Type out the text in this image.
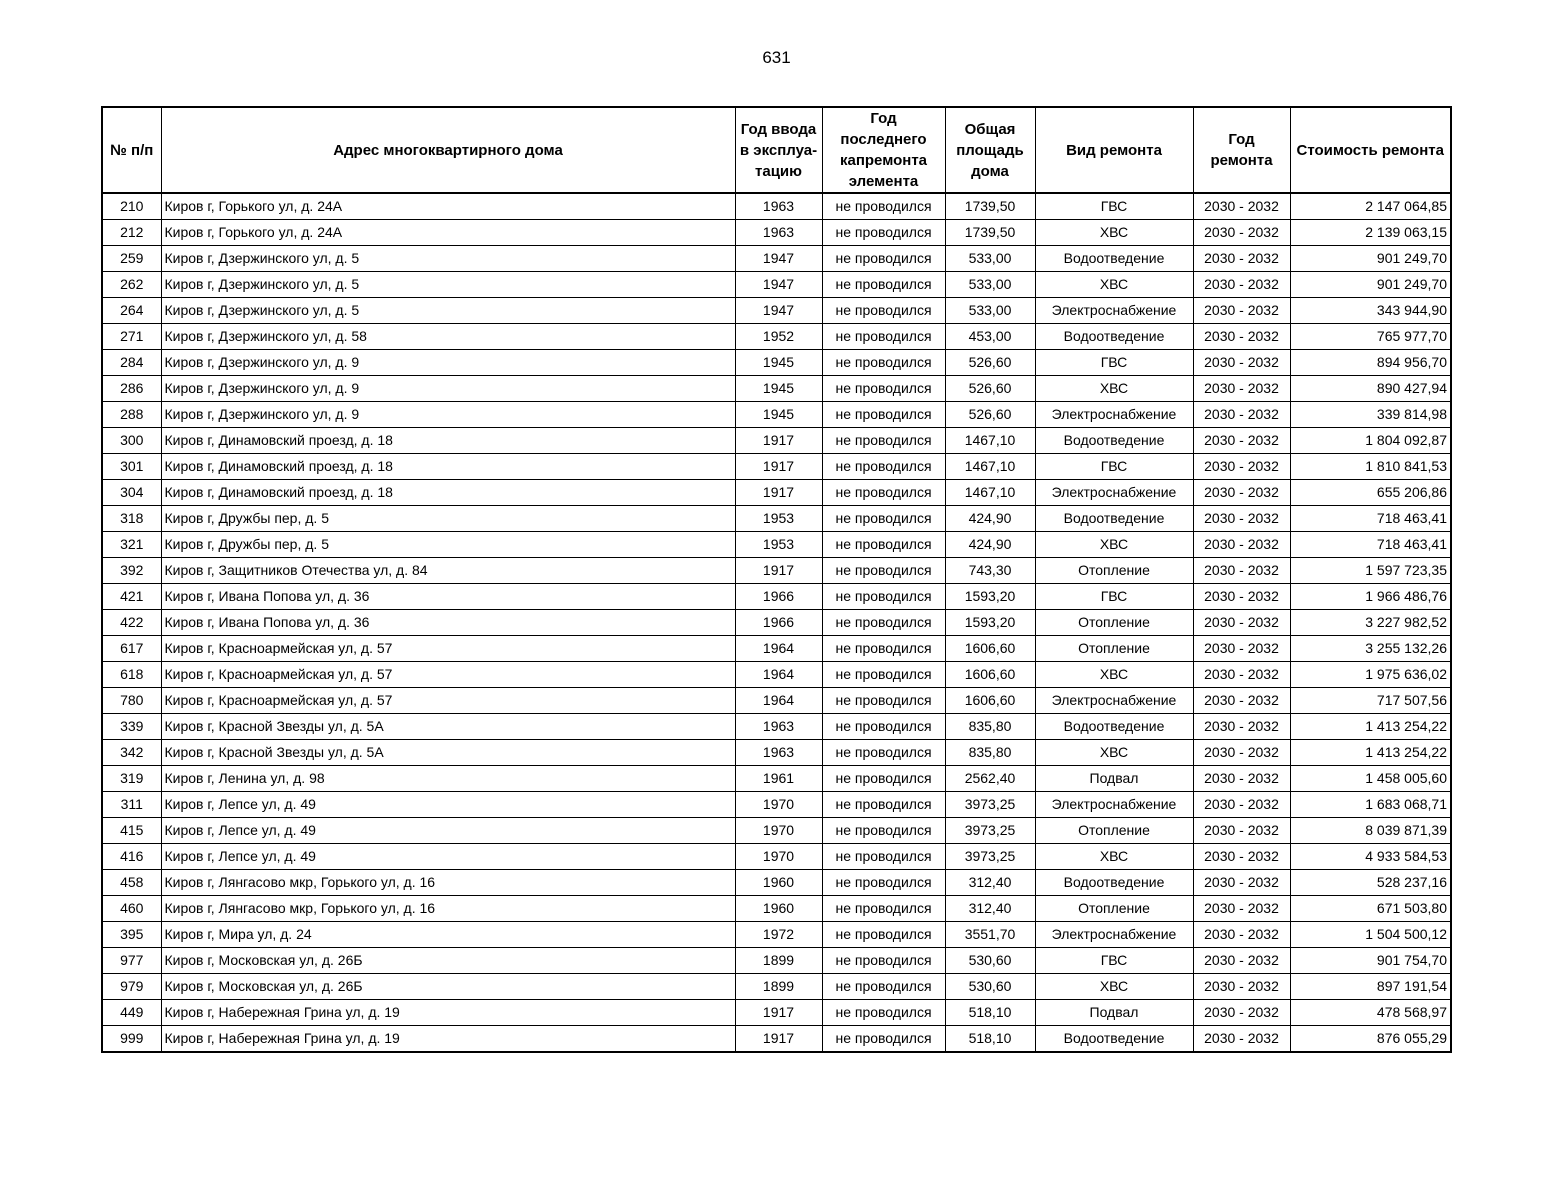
631
№ п/п	Адрес многоквартирного дома	Год ввода в эксплуа-тацию	Год последнего капремонта элемента	Общая площадь дома	Вид ремонта	Год ремонта	Стоимость ремонта
210	Киров г, Горького ул, д. 24А	1963	не проводился	1739,50	ГВС	2030 - 2032	2 147 064,85
212	Киров г, Горького ул, д. 24А	1963	не проводился	1739,50	ХВС	2030 - 2032	2 139 063,15
259	Киров г, Дзержинского ул, д. 5	1947	не проводился	533,00	Водоотведение	2030 - 2032	901 249,70
262	Киров г, Дзержинского ул, д. 5	1947	не проводился	533,00	ХВС	2030 - 2032	901 249,70
264	Киров г, Дзержинского ул, д. 5	1947	не проводился	533,00	Электроснабжение	2030 - 2032	343 944,90
271	Киров г, Дзержинского ул, д. 58	1952	не проводился	453,00	Водоотведение	2030 - 2032	765 977,70
284	Киров г, Дзержинского ул, д. 9	1945	не проводился	526,60	ГВС	2030 - 2032	894 956,70
286	Киров г, Дзержинского ул, д. 9	1945	не проводился	526,60	ХВС	2030 - 2032	890 427,94
288	Киров г, Дзержинского ул, д. 9	1945	не проводился	526,60	Электроснабжение	2030 - 2032	339 814,98
300	Киров г, Динамовский проезд, д. 18	1917	не проводился	1467,10	Водоотведение	2030 - 2032	1 804 092,87
301	Киров г, Динамовский проезд, д. 18	1917	не проводился	1467,10	ГВС	2030 - 2032	1 810 841,53
304	Киров г, Динамовский проезд, д. 18	1917	не проводился	1467,10	Электроснабжение	2030 - 2032	655 206,86
318	Киров г, Дружбы пер, д. 5	1953	не проводился	424,90	Водоотведение	2030 - 2032	718 463,41
321	Киров г, Дружбы пер, д. 5	1953	не проводился	424,90	ХВС	2030 - 2032	718 463,41
392	Киров г, Защитников Отечества ул, д. 84	1917	не проводился	743,30	Отопление	2030 - 2032	1 597 723,35
421	Киров г, Ивана Попова ул, д. 36	1966	не проводился	1593,20	ГВС	2030 - 2032	1 966 486,76
422	Киров г, Ивана Попова ул, д. 36	1966	не проводился	1593,20	Отопление	2030 - 2032	3 227 982,52
617	Киров г, Красноармейская ул, д. 57	1964	не проводился	1606,60	Отопление	2030 - 2032	3 255 132,26
618	Киров г, Красноармейская ул, д. 57	1964	не проводился	1606,60	ХВС	2030 - 2032	1 975 636,02
780	Киров г, Красноармейская ул, д. 57	1964	не проводился	1606,60	Электроснабжение	2030 - 2032	717 507,56
339	Киров г, Красной Звезды ул, д. 5А	1963	не проводился	835,80	Водоотведение	2030 - 2032	1 413 254,22
342	Киров г, Красной Звезды ул, д. 5А	1963	не проводился	835,80	ХВС	2030 - 2032	1 413 254,22
319	Киров г, Ленина ул, д. 98	1961	не проводился	2562,40	Подвал	2030 - 2032	1 458 005,60
311	Киров г, Лепсе ул, д. 49	1970	не проводился	3973,25	Электроснабжение	2030 - 2032	1 683 068,71
415	Киров г, Лепсе ул, д. 49	1970	не проводился	3973,25	Отопление	2030 - 2032	8 039 871,39
416	Киров г, Лепсе ул, д. 49	1970	не проводился	3973,25	ХВС	2030 - 2032	4 933 584,53
458	Киров г, Лянгасово мкр, Горького ул, д. 16	1960	не проводился	312,40	Водоотведение	2030 - 2032	528 237,16
460	Киров г, Лянгасово мкр, Горького ул, д. 16	1960	не проводился	312,40	Отопление	2030 - 2032	671 503,80
395	Киров г, Мира ул, д. 24	1972	не проводился	3551,70	Электроснабжение	2030 - 2032	1 504 500,12
977	Киров г, Московская ул, д. 26Б	1899	не проводился	530,60	ГВС	2030 - 2032	901 754,70
979	Киров г, Московская ул, д. 26Б	1899	не проводился	530,60	ХВС	2030 - 2032	897 191,54
449	Киров г, Набережная Грина ул, д. 19	1917	не проводился	518,10	Подвал	2030 - 2032	478 568,97
999	Киров г, Набережная Грина ул, д. 19	1917	не проводился	518,10	Водоотведение	2030 - 2032	876 055,29
